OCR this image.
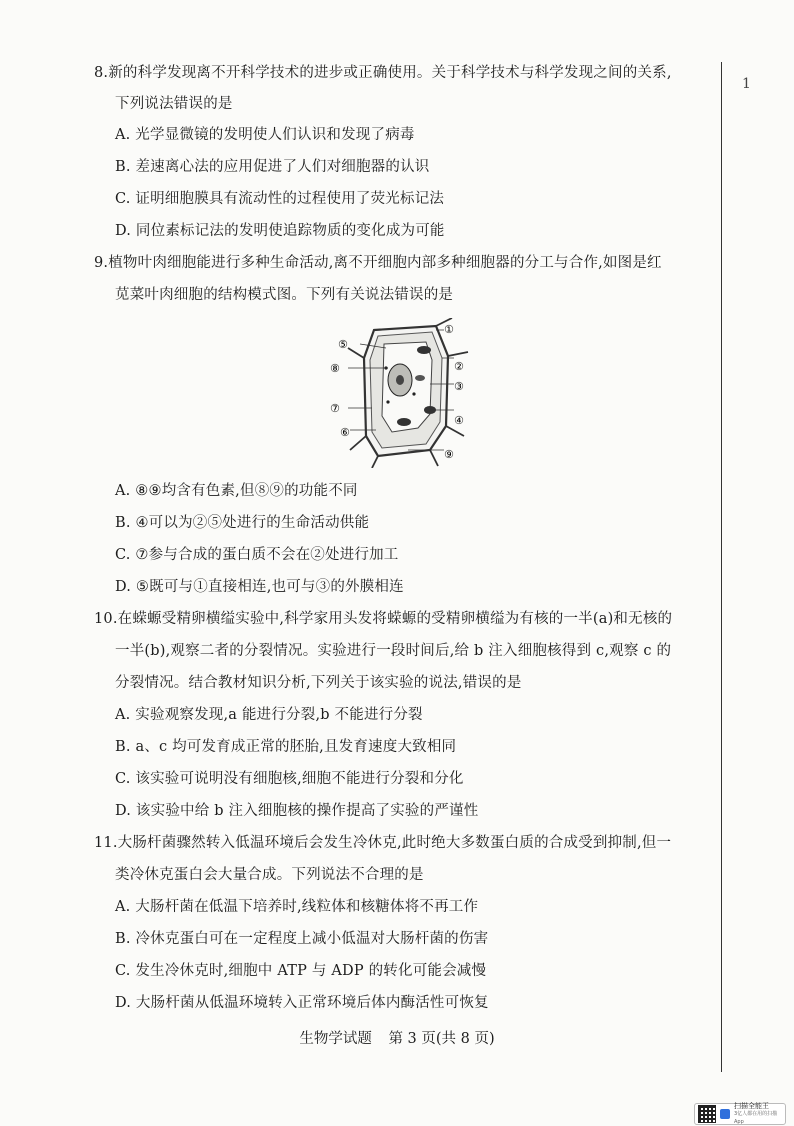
1
8.新的科学发现离不开科学技术的进步或正确使用。关于科学技术与科学发现之间的关系,
下列说法错误的是
A. 光学显微镜的发明使人们认识和发现了病毒
B. 差速离心法的应用促进了人们对细胞器的认识
C. 证明细胞膜具有流动性的过程使用了荧光标记法
D. 同位素标记法的发明使追踪物质的变化成为可能
9.植物叶肉细胞能进行多种生命活动,离不开细胞内部多种细胞器的分工与合作,如图是红
苋菜叶肉细胞的结构模式图。下列有关说法错误的是
①
②
③
④
⑤
⑥
⑦
⑧
⑨
A. ⑧⑨均含有色素,但⑧⑨的功能不同
B. ④可以为②⑤处进行的生命活动供能
C. ⑦参与合成的蛋白质不会在②处进行加工
D. ⑤既可与①直接相连,也可与③的外膜相连
10.在蝾螈受精卵横缢实验中,科学家用头发将蝾螈的受精卵横缢为有核的一半(a)和无核的
一半(b),观察二者的分裂情况。实验进行一段时间后,给 b 注入细胞核得到 c,观察 c 的
分裂情况。结合教材知识分析,下列关于该实验的说法,错误的是
A. 实验观察发现,a 能进行分裂,b 不能进行分裂
B. a、c 均可发育成正常的胚胎,且发育速度大致相同
C. 该实验可说明没有细胞核,细胞不能进行分裂和分化
D. 该实验中给 b 注入细胞核的操作提高了实验的严谨性
11.大肠杆菌骤然转入低温环境后会发生冷休克,此时绝大多数蛋白质的合成受到抑制,但一
类冷休克蛋白会大量合成。下列说法不合理的是
A. 大肠杆菌在低温下培养时,线粒体和核糖体将不再工作
B. 冷休克蛋白可在一定程度上减小低温对大肠杆菌的伤害
C. 发生冷休克时,细胞中 ATP 与 ADP 的转化可能会减慢
D. 大肠杆菌从低温环境转入正常环境后体内酶活性可恢复
生物学试题 第 3 页(共 8 页)
扫描全能王
3亿人都在用的扫描App
